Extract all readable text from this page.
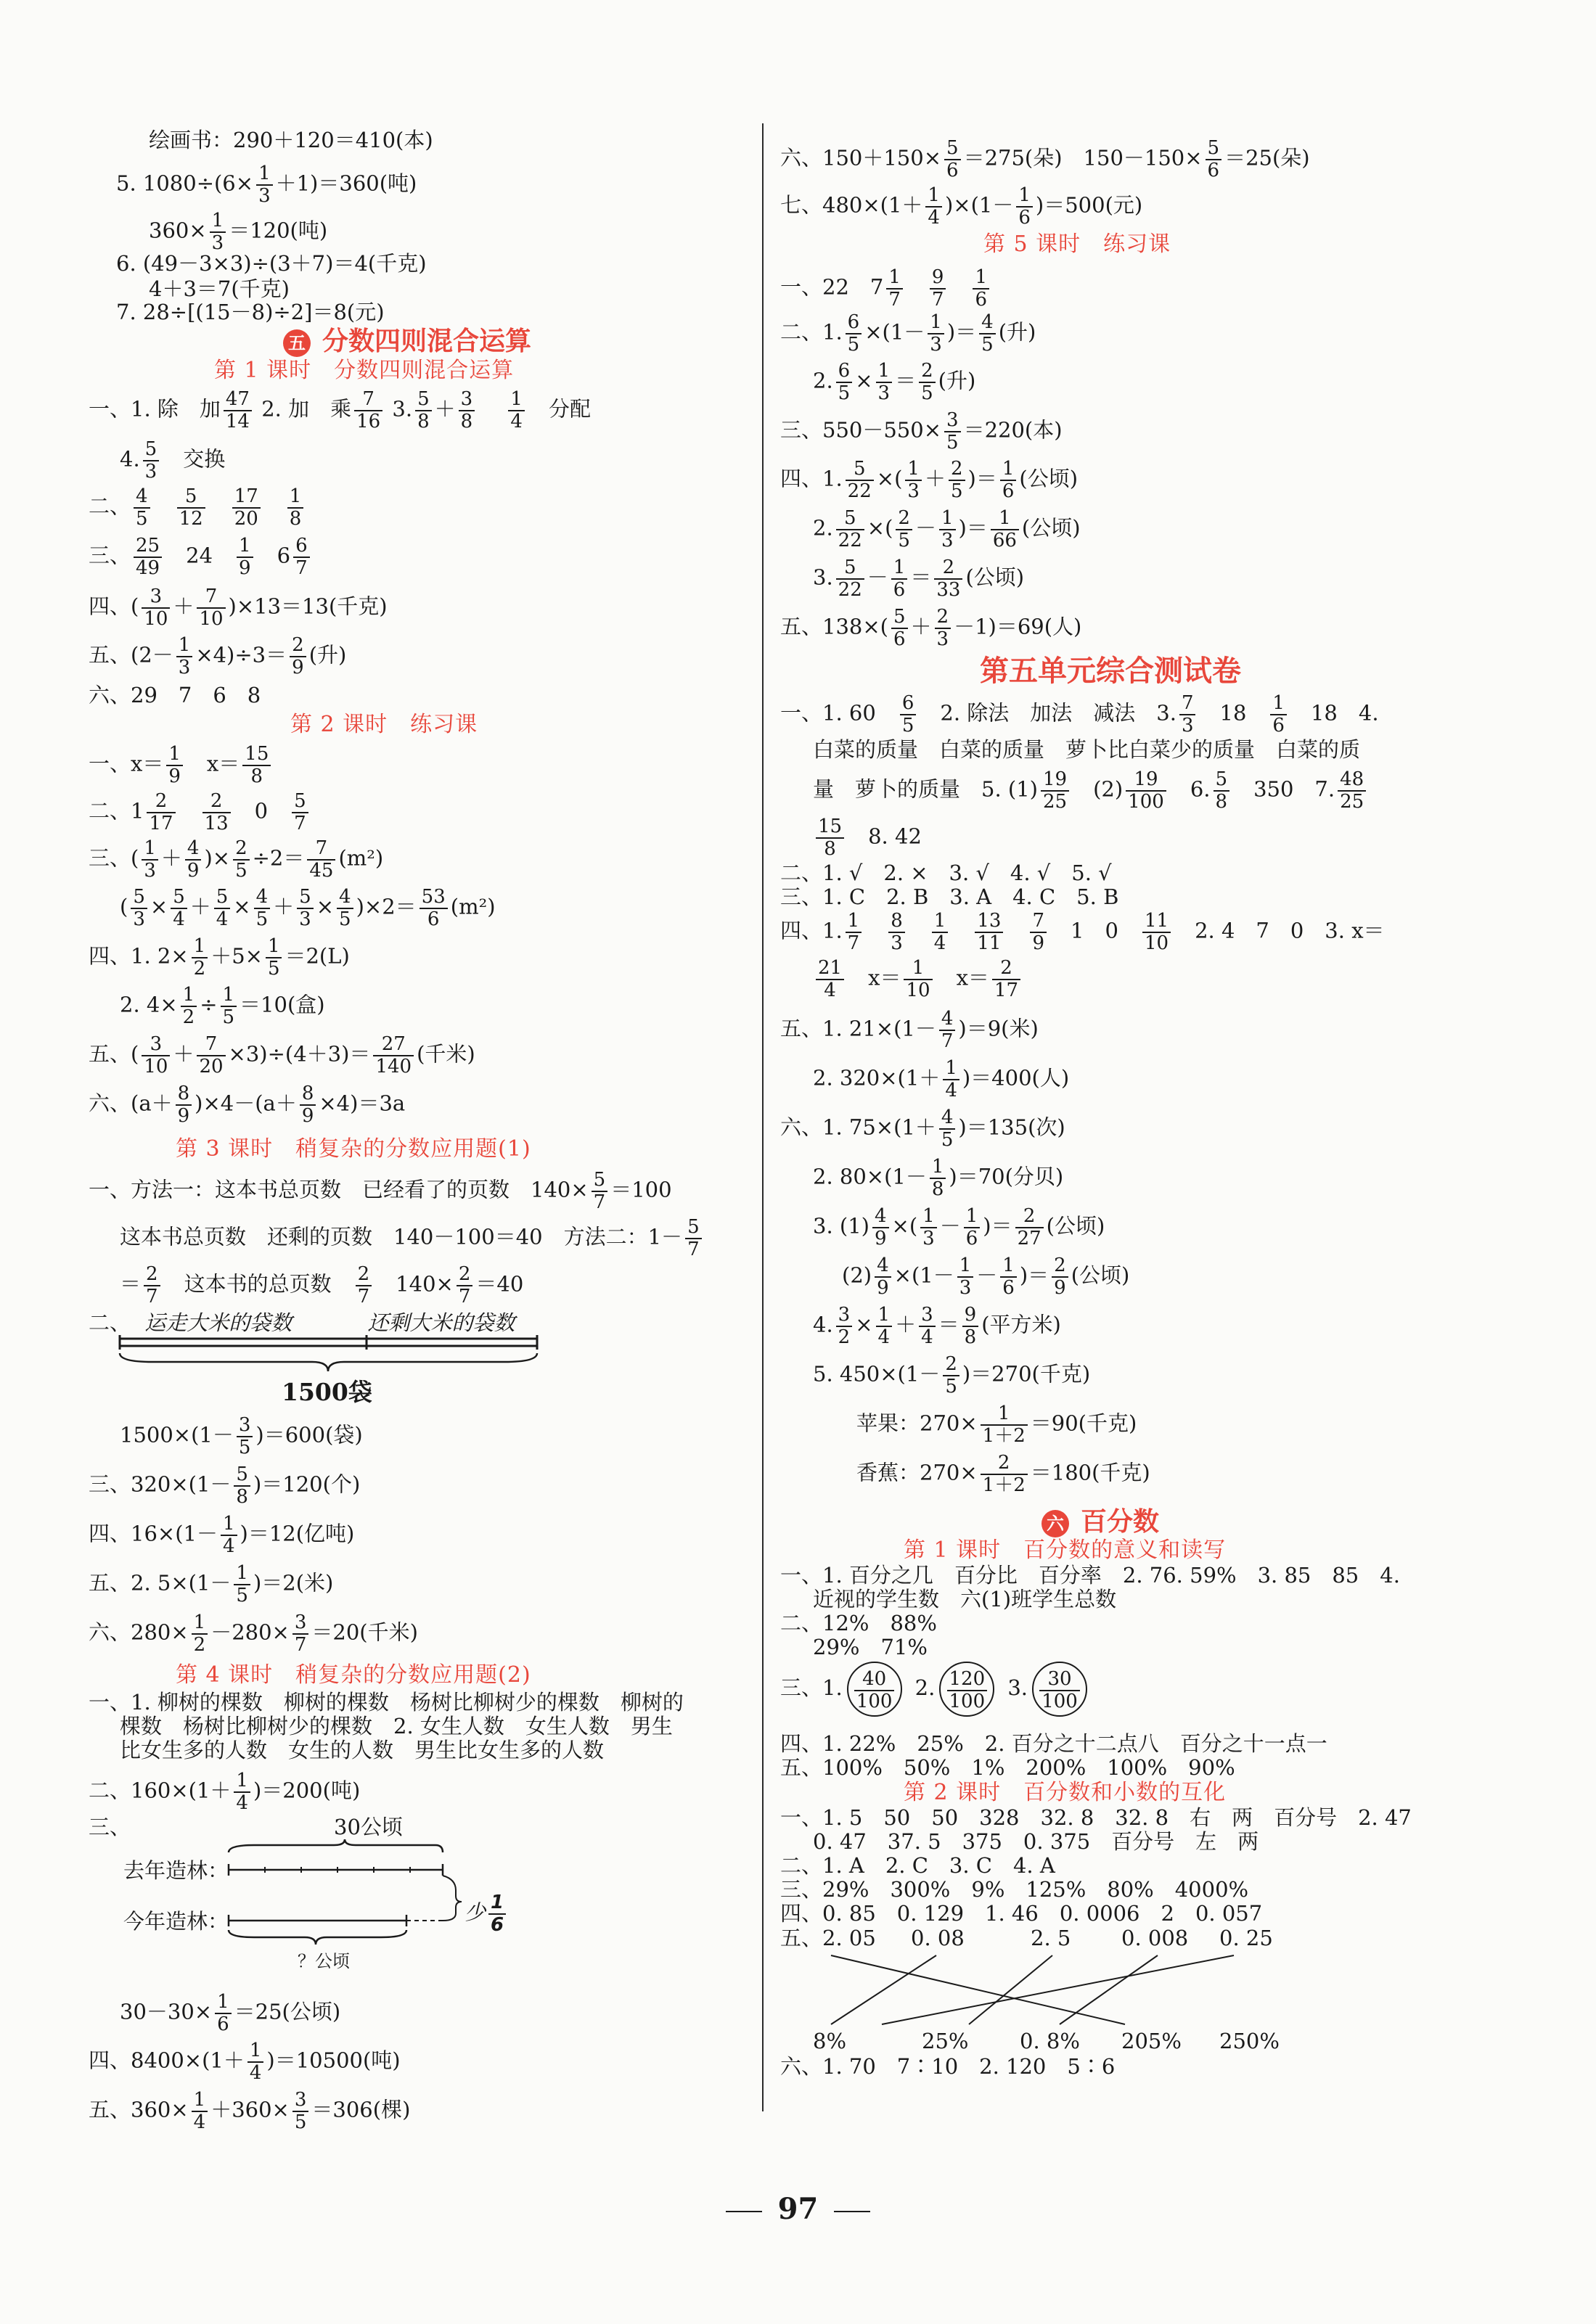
绘画书：290＋120＝410(本)
5. $1080\div(6\times \frac{1}{3} +1)=360$(吨)
$360\times \frac{1}{3} =120$(吨)
6. (49－3×3)÷(3＋7)＝4(千克)
4＋3＝7(千克)
7. 28÷[(15－8)÷2]＝8(元)
五 分数四则混合运算
第 1 课时　分数四则混合运算
一、1. 除　加 $\frac{47}{14} 2$. 加　乘 $\frac{7}{16} 3$. $\frac{5}{8} + \frac{3}{8}$
　 $\frac{1}{4}$
　 分配
4. $\frac{5}{3}$
　 交换
二、 $\frac{4}{5}$
　 $\frac{5}{12}$
　 $\frac{17}{20}$
　 $\frac{1}{8}$
三、 $\frac{25}{49}$
　 24　 $\frac{1}{9}$
　 $6 \frac{6}{7}$
四、( $\frac{3}{10} + \frac{7}{10} )\times 13=13$(千克)
五、$(2- \frac{1}{3} \times 4)\div 3= \frac{2}{9}$ (升)
六、29　7　6　8
第 2 课时　练习课
一、$x= \frac{1}{9}$
　 $x= \frac{15}{8}$
二、$1 \frac{2}{17}$
　 $\frac{2}{13}$
　 0　 $\frac{5}{7}$
三、( $\frac{1}{3} + \frac{4}{9}$ )× $\frac{2}{5} \div 2= \frac{7}{45} (m^2)$
( $\frac{5}{3} \times \frac{5}{4} + \frac{5}{4} \times \frac{4}{5} + \frac{5}{3} \times \frac{4}{5} )\times 2= \frac{53}{6} (m^2)$
四、1. $2\times \frac{1}{2} +5\times \frac{1}{5} =2(L)$
2. $4\times \frac{1}{2} \div \frac{1}{5} =10$(盒)
五、( $\frac{3}{10} + \frac{7}{20} \times 3)\div(4+3)= \frac{27}{140}$ (千米)
六、$(a+ \frac{8}{9} )\times 4-(a+ \frac{8}{9} \times 4)=3a$
第 3 课时　稍复杂的分数应用题(1)
一、方法一：这本书总页数　已经看了的页数　$140\times \frac{5}{7} =100$
这本书总页数　还剩的页数　140－100＝40　方法二：$1- \frac{5}{7}$
＝ $\frac{2}{7}$
　 这本书的总页数　 $\frac{2}{7}$
　 $140\times \frac{2}{7} =40$
二、 运走大米的袋数	还剩大米的袋数
1500袋
$1500\times(1- \frac{3}{5} )=600$(袋)
三、$320\times(1- \frac{5}{8} )=120$(个)
四、$16\times(1- \frac{1}{4} )=12$(亿吨)
五、2. $5\times(1- \frac{1}{5} )=2$(米)
六、$280\times \frac{1}{2} -280\times \frac{3}{7} =20$(千米)
第 4 课时　稍复杂的分数应用题(2)
一、1. 柳树的棵数　柳树的棵数　杨树比柳树少的棵数　柳树的
棵数　杨树比柳树少的棵数　2. 女生人数　女生人数　男生
比女生多的人数　女生的人数　男生比女生多的人数
二、$160\times(1+ \frac{1}{4} )=200$(吨)
三、	30公顷
去年造林：
今年造林：	少 $\frac{1}{6}$
？公顷
$30-30\times \frac{1}{6} =25$(公顷)
四、$8400\times(1+ \frac{1}{4} )=10500$(吨)
五、$360\times \frac{1}{4} +360\times \frac{3}{5} =306$(棵)
六、$150+150\times \frac{5}{6} =275$(朵)　$150-150\times \frac{5}{6} =25$(朵)
七、$480\times(1+ \frac{1}{4} )\times(1- \frac{1}{6} )=500$(元)
第 5 课时　练习课
一、22　$7 \frac{1}{7}$
　 $\frac{9}{7}$
　 $\frac{1}{6}$
二、1. $\frac{6}{5} \times(1- \frac{1}{3}$ )＝ $\frac{4}{5}$ (升)
2. $\frac{6}{5} \times \frac{1}{3} = \frac{2}{5}$ (升)
三、$550-550\times \frac{3}{5} =220$(本)
四、1. $\frac{5}{22}$ ×( $\frac{1}{3} + \frac{2}{5}$ )＝ $\frac{1}{6}$ (公顷)
2. $\frac{5}{22}$ ×( $\frac{2}{5} - \frac{1}{3}$ )＝ $\frac{1}{66}$ (公顷)
3. $\frac{5}{22} - \frac{1}{6} = \frac{2}{33}$ (公顷)
五、$138\times( \frac{5}{6} + \frac{2}{3} -1)=69$(人)
第五单元综合测试卷
一、1. 60　 $\frac{6}{5}$
　 2. 除法　加法　减法　3. $\frac{7}{3}$
　 18　 $\frac{1}{6}$
　 18　4.
白菜的质量　白菜的质量　萝卜比白菜少的质量　白菜的质
量　萝卜的质量　5. $(1) \frac{19}{25}$
　 $(2) \frac{19}{100}$
　 6. $\frac{5}{8}$
　 350　7. $\frac{48}{25}$
$\frac{15}{8}$
　 8. 42
二、1. √　2. ×　3. √　4. √　5. √
三、1. C　2. B　3. A　4. C　5. B
四、1. $\frac{1}{7}$
　 $\frac{8}{3}$
　 $\frac{1}{4}$
　 $\frac{13}{11}$
　 $\frac{7}{9}$
　 1　0　 $\frac{11}{10}$
　 2. 4　7　0　3. x＝
$\frac{21}{4}$
　 $x= \frac{1}{10}$
　 $x= \frac{2}{17}$
五、1. $21\times(1- \frac{4}{7} )=9$(米)
2. $320\times(1+ \frac{1}{4} )=400$(人)
六、1. $75\times(1+ \frac{4}{5} )=135$(次)
2. $80\times(1- \frac{1}{8} )=70$(分贝)
3. $(1) \frac{4}{9}$ ×( $\frac{1}{3} - \frac{1}{6}$ )＝ $\frac{2}{27}$ (公顷)
$(2) \frac{4}{9} \times(1- \frac{1}{3} - \frac{1}{6}$ )＝ $\frac{2}{9}$ (公顷)
4. $\frac{3}{2} \times \frac{1}{4} + \frac{3}{4} = \frac{9}{8}$ (平方米)
5. $450\times(1- \frac{2}{5} )=270$(千克)
苹果：$270\times \frac{1}{1+2} =90$(千克)
香蕉：$270\times \frac{2}{1+2} =180$(千克)
六 百分数
第 1 课时　百分数的意义和读写
一、1. 百分之几　百分比　百分率　2. 76. 59%　3. 85　85　4.
近视的学生数　六(1)班学生总数
二、12%　88%
29%　71%
三、1. $\frac{40}{100} 2$. $\frac{120}{100} 3$. $\frac{30}{100}$
四、1. 22%　25%　2. 百分之十二点八　百分之十一点一
五、100%　50%　1%　200%　100%　90%
第 2 课时　百分数和小数的互化
一、1. 5　50　50　328　32. 8　32. 8　右　两　百分号　2. 47
0. 47　37. 5　375　0. 375　百分号　左　两
二、1. A　2. C　3. C　4. A
三、29%　300%　9%　125%　80%　4000%
四、0. 85　0. 129　1. 46　0. 0006　2　0. 057
五、2. 05 0. 08	2. 5 0. 008 0. 25
8%	25% 0. 8% 205% 250%
六、1. 70　7∶10　2. 120　5∶6
97
